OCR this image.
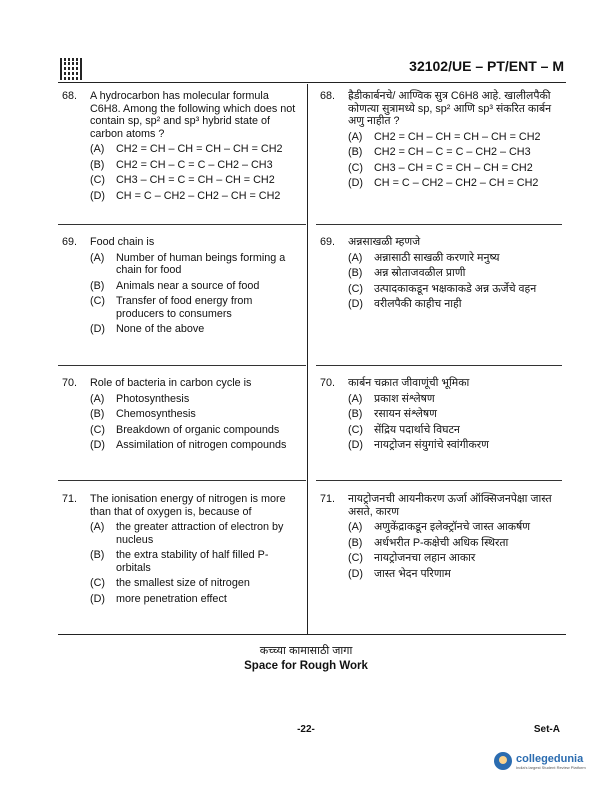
32102/UE – PT/ENT – M
68.	A hydrocarbon has molecular formula C6H8. Among the following which does not contain sp, sp² and sp³ hybrid state of carbon atoms ?
(A)	CH2 = CH – CH = CH – CH = CH2
(B)	CH2 = CH – C = C – CH2 – CH3
(C)	CH3 – CH = C = CH – CH = CH2
(D)	CH = C – CH2 – CH2 – CH = CH2
69.	Food chain is
(A)	Number of human beings forming a chain for food
(B)	Animals near a source of food
(C)	Transfer of food energy from producers to consumers
(D)	None of the above
70.	Role of bacteria in carbon cycle is
(A)	Photosynthesis
(B)	Chemosynthesis
(C)	Breakdown of organic compounds
(D)	Assimilation of nitrogen compounds
71.	The ionisation energy of nitrogen is more than that of oxygen is, because of
(A)	the greater attraction of electron by nucleus
(B)	the extra stability of half filled P-orbitals
(C)	the smallest size of nitrogen
(D)	more penetration effect
68.	ह्रैडीकार्बनचे/ आण्विक सुत्र C6H8 आहे. खालीलपैकी कोणत्या सुत्रामध्ये sp, sp² आणि sp³ संकरित कार्बन अणु नाहीत ?
(A)	CH2 = CH – CH = CH – CH = CH2
(B)	CH2 = CH – C = C – CH2 – CH3
(C)	CH3 – CH = C = CH – CH = CH2
(D)	CH = C – CH2 – CH2 – CH = CH2
69.	अन्नसाखळी म्हणजे
(A)	अन्नासाठी साखळी करणारे मनुष्य
(B)	अन्न स्रोताजवळील प्राणी
(C)	उत्पादकाकडून भक्षकाकडे अन्न ऊर्जेचे वहन
(D)	वरीलपैकी काहीच नाही
70.	कार्बन चक्रात जीवाणूंची भूमिका
(A)	प्रकाश संश्लेषण
(B)	रसायन संश्लेषण
(C)	सेंद्रिय पदार्थाचे विघटन
(D)	नायट्रोजन संयुगांचे स्वांगीकरण
71.	नायट्रोजनची आयनीकरण ऊर्जा ऑक्सिजनपेक्षा जास्त असते, कारण
(A)	अणुकेंद्राकडून इलेक्ट्रॉनचे जास्त आकर्षण
(B)	अर्धभरीत P-कक्षेची अधिक स्थिरता
(C)	नायट्रोजनचा लहान आकार
(D)	जास्त भेदन परिणाम
कच्च्या कामासाठी जागा
Space for Rough Work
-22-	Set-A
collegedunia
India's largest Student Review Platform
